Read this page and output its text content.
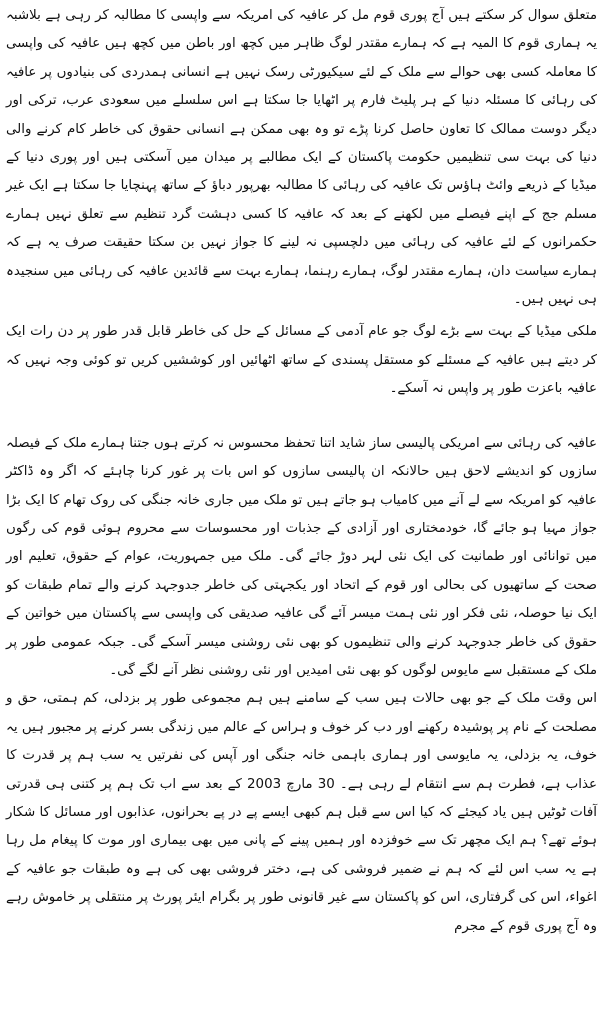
متعلق سوال کر سکتے ہیں آج پوری قوم مل کر عافیہ کی امریکہ سے واپسی کا مطالبہ کر رہی ہے بلاشبہ یہ ہماری قوم کا المیہ ہے کہ ہمارے مقتدر لوگ ظاہر میں کچھ اور باطن میں کچھ ہیں عافیہ کی واپسی کا معاملہ کسی بھی حوالے سے ملک کے لئے سیکیورٹی رسک نہیں ہے انسانی ہمدردی کی بنیادوں پر عافیہ کی رہائی کا مسئلہ دنیا کے ہر پلیٹ فارم پر اٹھایا جا سکتا ہے اس سلسلے میں سعودی عرب، ترکی اور دیگر دوست ممالک کا تعاون حاصل کرنا پڑے تو وہ بھی ممکن ہے انسانی حقوق کی خاطر کام کرنے والی دنیا کی بہت سی تنظیمیں حکومت پاکستان کے ایک مطالبے پر میدان میں آسکتی ہیں اور پوری دنیا کے میڈیا کے ذریعے وائٹ ہاؤس تک عافیہ کی رہائی کا مطالبہ بھرپور دباؤ کے ساتھ پہنچایا جا سکتا ہے ایک غیر مسلم جج کے اپنے فیصلے میں لکھنے کے بعد کہ عافیہ کا کسی دہشت گرد تنظیم سے تعلق نہیں ہمارے حکمرانوں کے لئے عافیہ کی رہائی میں دلچسپی نہ لینے کا جواز نہیں بن سکتا حقیقت صرف یہ ہے کہ ہمارے سیاست دان، ہمارے مقتدر لوگ، ہمارے رہنما، ہمارے بہت سے قائدین عافیہ کی رہائی میں سنجیدہ ہی نہیں ہیں۔

ملکی میڈیا کے بہت سے بڑے لوگ جو عام آدمی کے مسائل کے حل کی خاطر قابل قدر طور پر دن رات ایک کر دیتے ہیں عافیہ کے مسئلے کو مستقل پسندی کے ساتھ اٹھائیں اور کوششیں کریں تو کوئی وجہ نہیں کہ عافیہ باعزت طور پر واپس نہ آسکے۔

عافیہ کی رہائی سے امریکی پالیسی ساز شاید اتنا تحفظ محسوس نہ کرتے ہوں جتنا ہمارے ملک کے فیصلہ سازوں کو اندیشے لاحق ہیں حالانکہ ان پالیسی سازوں کو اس بات پر غور کرنا چاہئے کہ اگر وہ ڈاکٹر عافیہ کو امریکہ سے لے آنے میں کامیاب ہو جاتے ہیں تو ملک میں جاری خانہ جنگی کی روک تھام کا ایک بڑا جواز مہیا ہو جائے گا، خودمختاری اور آزادی کے جذبات اور محسوسات سے محروم ہوئی قوم کی رگوں میں توانائی اور طمانیت کی ایک نئی لہر دوڑ جائے گی۔ ملک میں جمہوریت، عوام کے حقوق، تعلیم اور صحت کے ساتھیوں کی بحالی اور قوم کے اتحاد اور یکجہتی کی خاطر جدوجہد کرنے والے تمام طبقات کو ایک نیا حوصلہ، نئی فکر اور نئی ہمت میسر آئے گی عافیہ صدیقی کی واپسی سے پاکستان میں خواتین کے حقوق کی خاطر جدوجہد کرنے والی تنظیموں کو بھی نئی روشنی میسر آسکے گی۔ جبکہ عمومی طور پر ملک کے مستقبل سے مایوس لوگوں کو بھی نئی امیدیں اور نئی روشنی نظر آنے لگے گی۔

اس وقت ملک کے جو بھی حالات ہیں سب کے سامنے ہیں ہم مجموعی طور پر بزدلی، کم ہمتی، حق و مصلحت کے نام پر پوشیدہ رکھنے اور دب کر خوف و ہراس کے عالم میں زندگی بسر کرنے پر مجبور ہیں یہ خوف، یہ بزدلی، یہ مایوسی اور ہماری باہمی خانہ جنگی اور آپس کی نفرتیں یہ سب ہم پر قدرت کا عذاب ہے، فطرت ہم سے انتقام لے رہی ہے۔ 30 مارچ 2003 کے بعد سے اب تک ہم پر کتنی ہی قدرتی آفات ٹوٹیں ہیں یاد کیجئے کہ کیا اس سے قبل ہم کبھی ایسے پے در پے بحرانوں، عذابوں اور مسائل کا شکار ہوئے تھے؟ ہم ایک مچھر تک سے خوفزدہ اور ہمیں پینے کے پانی میں بھی بیماری اور موت کا پیغام مل رہا ہے یہ سب اس لئے کہ ہم نے ضمیر فروشی کی ہے، دختر فروشی بھی کی ہے وہ طبقات جو عافیہ کے اغواء، اس کی گرفتاری، اس کو پاکستان سے غیر قانونی طور پر بگرام ایئر پورٹ پر منتقلی پر خاموش رہے وہ آج پوری قوم کے مجرم
